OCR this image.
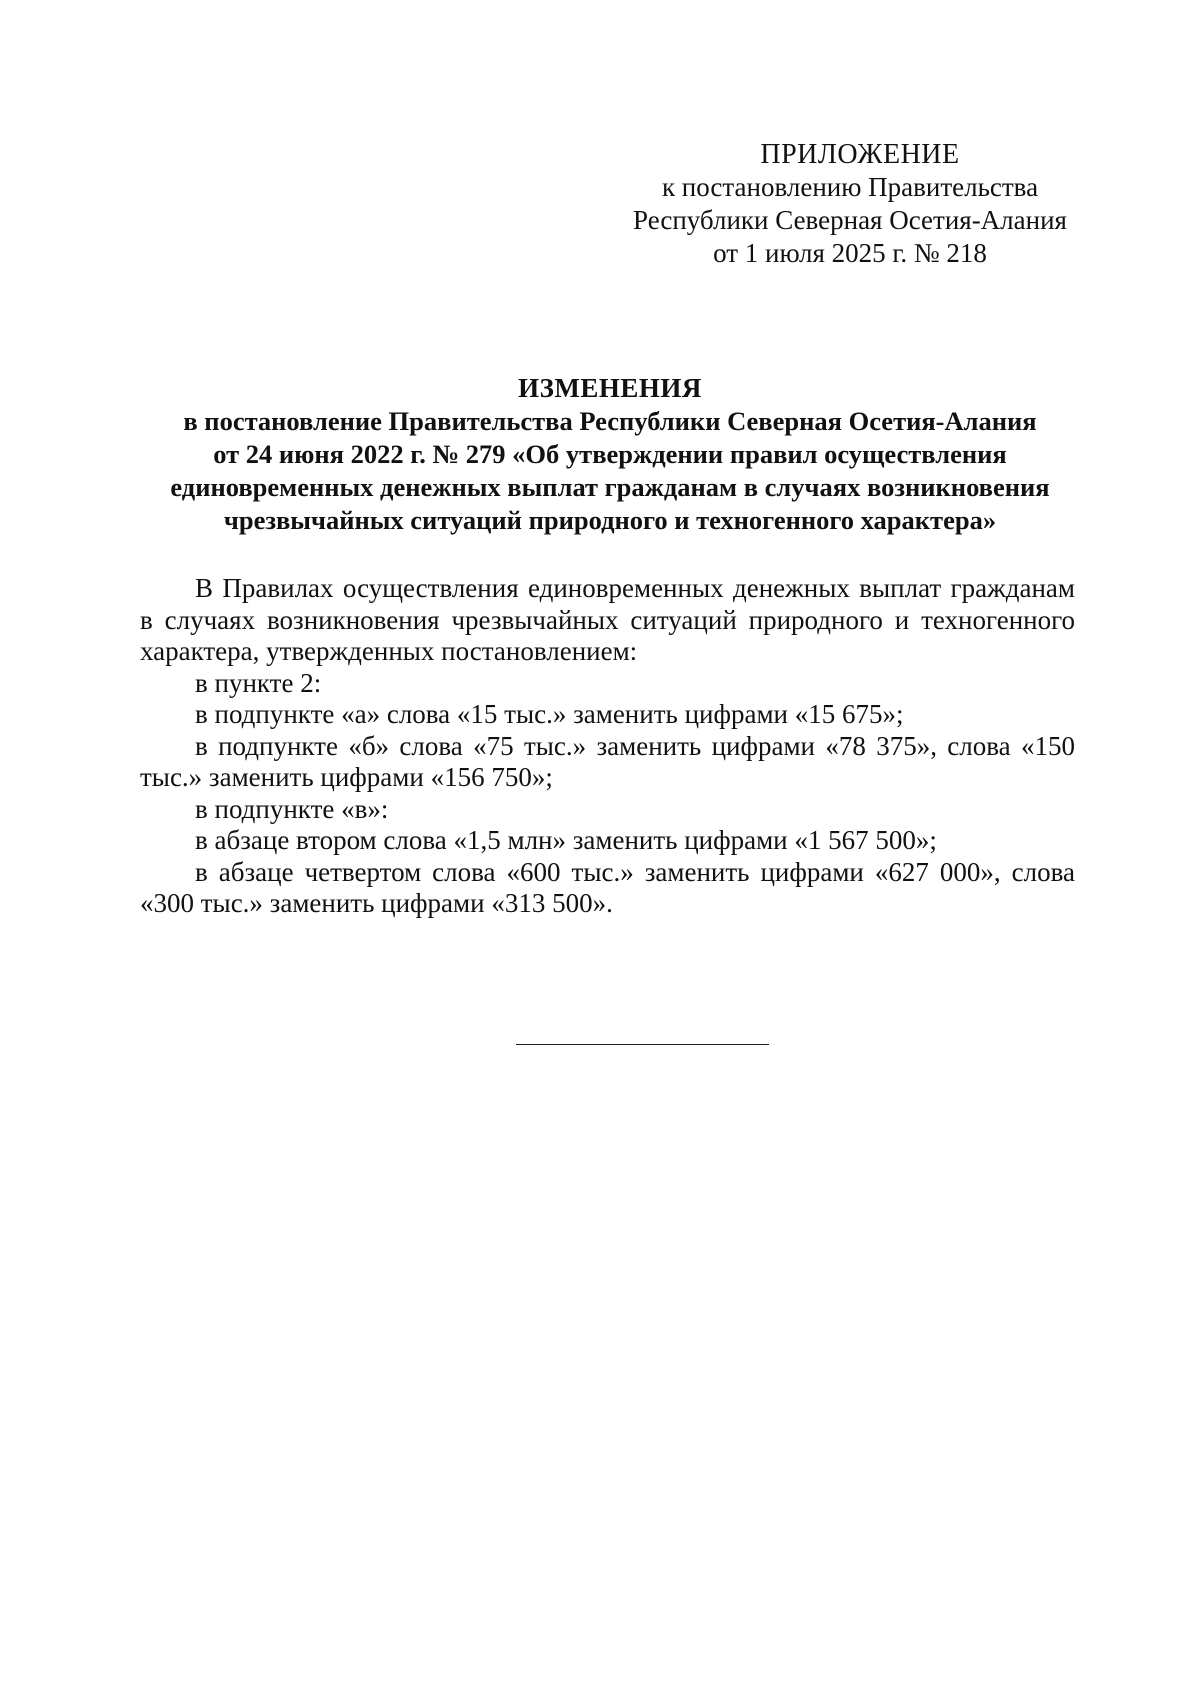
ПРИЛОЖЕНИЕ
к постановлению Правительства
Республики Северная Осетия-Алания
от 1 июля 2025 г. № 218
ИЗМЕНЕНИЯ
в постановление Правительства Республики Северная Осетия-Алания
от 24 июня 2022 г. № 279 «Об утверждении правил осуществления
единовременных денежных выплат гражданам в случаях возникновения
чрезвычайных ситуаций природного и техногенного характера»

В Правилах осуществления единовременных денежных выплат гражданам в случаях возникновения чрезвычайных ситуаций природного и техногенного характера, утвержденных постановлением:

в пункте 2:

в подпункте «а» слова «15 тыс.» заменить цифрами «15 675»;

в подпункте «б» слова «75 тыс.» заменить цифрами «78 375», слова «150 тыс.» заменить цифрами «156 750»;

в подпункте «в»:

в абзаце втором слова «1,5 млн» заменить цифрами «1 567 500»;

в абзаце четвертом слова «600 тыс.» заменить цифрами «627 000», слова «300 тыс.» заменить цифрами «313 500».
